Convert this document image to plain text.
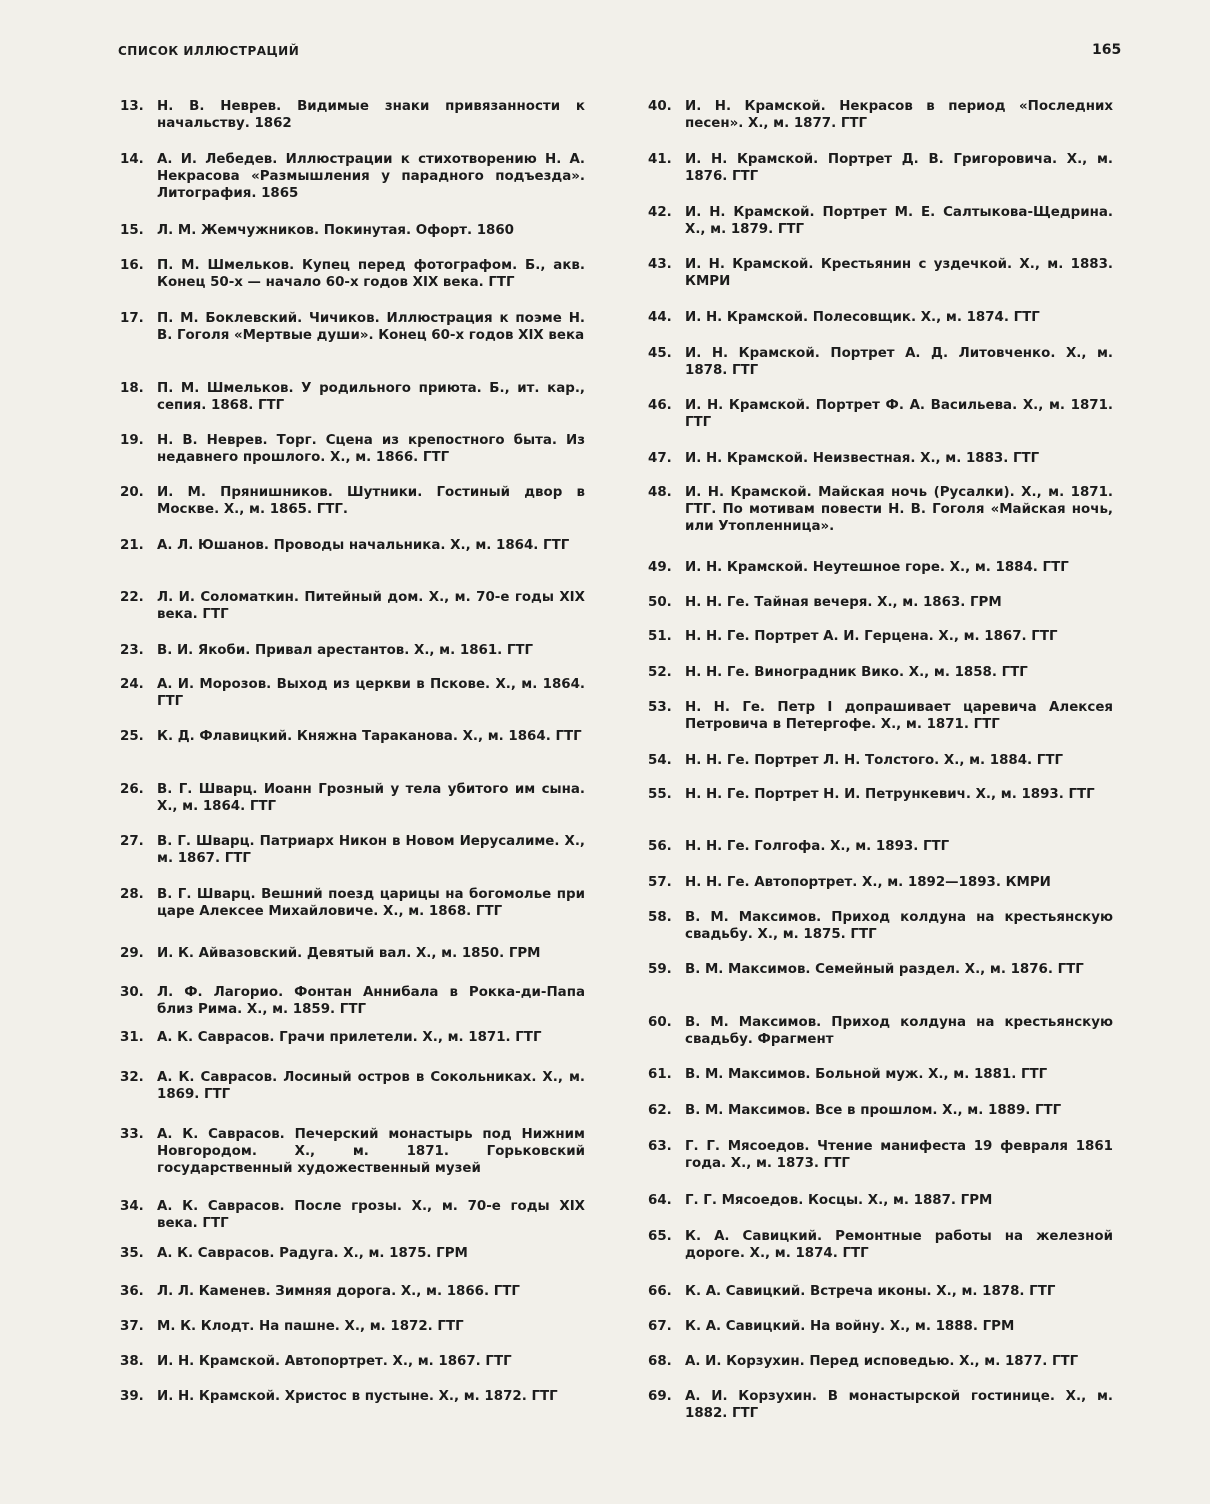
СПИСОК ИЛЛЮСТРАЦИЙ	165
13. Н. В. Неврев. Видимые знаки привязанности к начальству. 1862
14. А. И. Лебедев. Иллюстрации к стихотворению Н. А. Некрасова «Размышления у парадного подъезда». Литография. 1865
15. Л. М. Жемчужников. Покинутая. Офорт. 1860
16. П. М. Шмельков. Купец перед фотографом. Б., акв. Конец 50-х — начало 60-х годов XIX века. ГТГ
17. П. М. Боклевский. Чичиков. Иллюстрация к поэме Н. В. Гоголя «Мертвые души». Конец 60-х годов XIX века
18. П. М. Шмельков. У родильного приюта. Б., ит. кар., сепия. 1868. ГТГ
19. Н. В. Неврев. Торг. Сцена из крепостного быта. Из недавнего прошлого. Х., м. 1866. ГТГ
20. И. М. Прянишников. Шутники. Гостиный двор в Москве. Х., м. 1865. ГТГ.
21. А. Л. Юшанов. Проводы начальника. Х., м. 1864. ГТГ
22. Л. И. Соломаткин. Питейный дом. Х., м. 70-е годы XIX века. ГТГ
23. В. И. Якоби. Привал арестантов. Х., м. 1861. ГТГ
24. А. И. Морозов. Выход из церкви в Пскове. Х., м. 1864. ГТГ
25. К. Д. Флавицкий. Княжна Тараканова. Х., м. 1864. ГТГ
26. В. Г. Шварц. Иоанн Грозный у тела убитого им сына. Х., м. 1864. ГТГ
27. В. Г. Шварц. Патриарх Никон в Новом Иерусалиме. Х., м. 1867. ГТГ
28. В. Г. Шварц. Вешний поезд царицы на богомолье при царе Алексее Михайловиче. Х., м. 1868. ГТГ
29. И. К. Айвазовский. Девятый вал. Х., м. 1850. ГРМ
30. Л. Ф. Лагорио. Фонтан Аннибала в Рокка-ди-Папа близ Рима. Х., м. 1859. ГТГ
31. А. К. Саврасов. Грачи прилетели. Х., м. 1871. ГТГ
32. А. К. Саврасов. Лосиный остров в Сокольниках. Х., м. 1869. ГТГ
33. А. К. Саврасов. Печерский монастырь под Нижним Новгородом. Х., м. 1871. Горьковский государственный художественный музей
34. А. К. Саврасов. После грозы. Х., м. 70-е годы XIX века. ГТГ
35. А. К. Саврасов. Радуга. Х., м. 1875. ГРМ
36. Л. Л. Каменев. Зимняя дорога. Х., м. 1866. ГТГ
37. М. К. Клодт. На пашне. Х., м. 1872. ГТГ
38. И. Н. Крамской. Автопортрет. Х., м. 1867. ГТГ
39. И. Н. Крамской. Христос в пустыне. Х., м. 1872. ГТГ
40. И. Н. Крамской. Некрасов в период «Последних песен». Х., м. 1877. ГТГ
41. И. Н. Крамской. Портрет Д. В. Григоровича. Х., м. 1876. ГТГ
42. И. Н. Крамской. Портрет М. Е. Салтыкова-Щедрина. Х., м. 1879. ГТГ
43. И. Н. Крамской. Крестьянин с уздечкой. Х., м. 1883. КМРИ
44. И. Н. Крамской. Полесовщик. Х., м. 1874. ГТГ
45. И. Н. Крамской. Портрет А. Д. Литовченко. Х., м. 1878. ГТГ
46. И. Н. Крамской. Портрет Ф. А. Васильева. Х., м. 1871. ГТГ
47. И. Н. Крамской. Неизвестная. Х., м. 1883. ГТГ
48. И. Н. Крамской. Майская ночь (Русалки). Х., м. 1871. ГТГ. По мотивам повести Н. В. Гоголя «Майская ночь, или Утопленница».
49. И. Н. Крамской. Неутешное горе. Х., м. 1884. ГТГ
50. Н. Н. Ге. Тайная вечеря. Х., м. 1863. ГРМ
51. Н. Н. Ге. Портрет А. И. Герцена. Х., м. 1867. ГТГ
52. Н. Н. Ге. Виноградник Вико. Х., м. 1858. ГТГ
53. Н. Н. Ге. Петр I допрашивает царевича Алексея Петровича в Петергофе. Х., м. 1871. ГТГ
54. Н. Н. Ге. Портрет Л. Н. Толстого. Х., м. 1884. ГТГ
55. Н. Н. Ге. Портрет Н. И. Петрункевич. Х., м. 1893. ГТГ
56. Н. Н. Ге. Голгофа. Х., м. 1893. ГТГ
57. Н. Н. Ге. Автопортрет. Х., м. 1892—1893. КМРИ
58. В. М. Максимов. Приход колдуна на крестьянскую свадьбу. Х., м. 1875. ГТГ
59. В. М. Максимов. Семейный раздел. Х., м. 1876. ГТГ
60. В. М. Максимов. Приход колдуна на крестьянскую свадьбу. Фрагмент
61. В. М. Максимов. Больной муж. Х., м. 1881. ГТГ
62. В. М. Максимов. Все в прошлом. Х., м. 1889. ГТГ
63. Г. Г. Мясоедов. Чтение манифеста 19 февраля 1861 года. Х., м. 1873. ГТГ
64. Г. Г. Мясоедов. Косцы. Х., м. 1887. ГРМ
65. К. А. Савицкий. Ремонтные работы на железной дороге. Х., м. 1874. ГТГ
66. К. А. Савицкий. Встреча иконы. Х., м. 1878. ГТГ
67. К. А. Савицкий. На войну. Х., м. 1888. ГРМ
68. А. И. Корзухин. Перед исповедью. Х., м. 1877. ГТГ
69. А. И. Корзухин. В монастырской гостинице. Х., м. 1882. ГТГ
